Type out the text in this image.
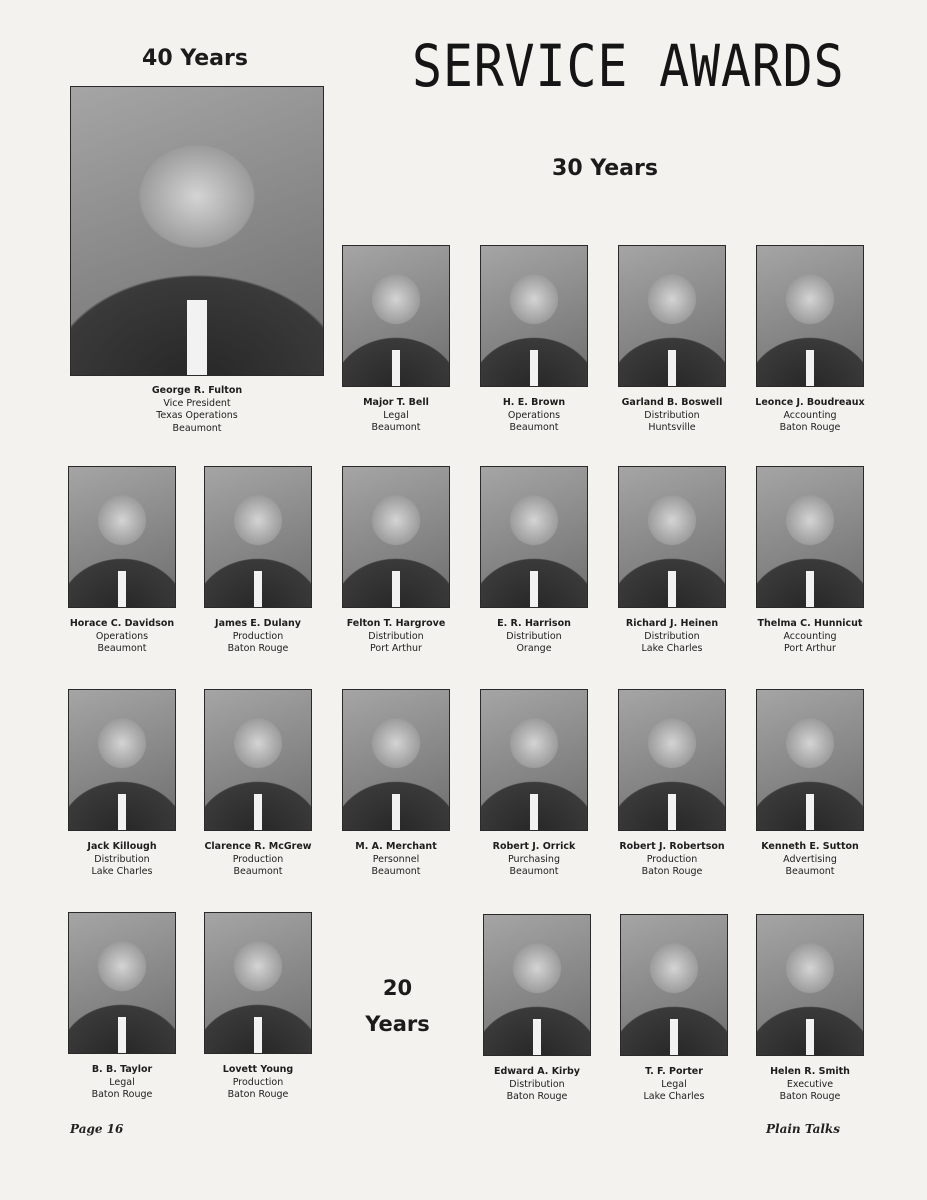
40 Years	SERVICE AWARDS
30 Years
20
Years
George R. Fulton
Vice President
Texas Operations
Beaumont
Major T. Bell
Legal
Beaumont
H. E. Brown
Operations
Beaumont
Garland B. Boswell
Distribution
Huntsville
Leonce J. Boudreaux
Accounting
Baton Rouge
Horace C. Davidson
Operations
Beaumont
James E. Dulany
Production
Baton Rouge
Felton T. Hargrove
Distribution
Port Arthur
E. R. Harrison
Distribution
Orange
Richard J. Heinen
Distribution
Lake Charles
Thelma C. Hunnicut
Accounting
Port Arthur
Jack Killough
Distribution
Lake Charles
Clarence R. McGrew
Production
Beaumont
M. A. Merchant
Personnel
Beaumont
Robert J. Orrick
Purchasing
Beaumont
Robert J. Robertson
Production
Baton Rouge
Kenneth E. Sutton
Advertising
Beaumont
B. B. Taylor
Legal
Baton Rouge
Lovett Young
Production
Baton Rouge
Edward A. Kirby
Distribution
Baton Rouge
T. F. Porter
Legal
Lake Charles
Helen R. Smith
Executive
Baton Rouge

Page 16	Plain Talks
